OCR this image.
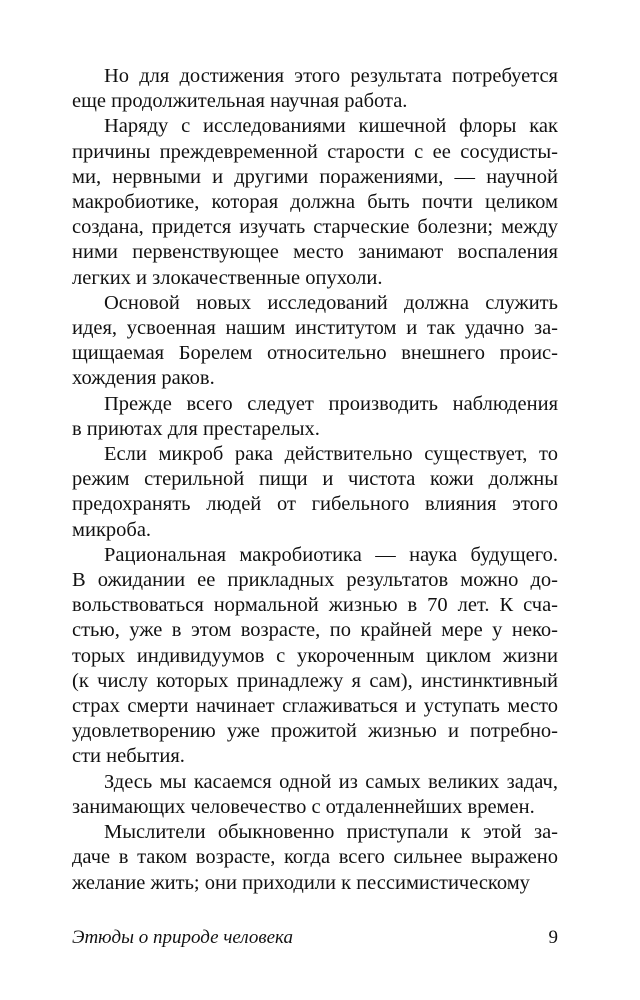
Но для достижения этого результата потребуется
еще продолжительная научная работа.

Наряду с исследованиями кишечной флоры как
причины преждевременной старости с ее сосудисты-
ми, нервными и другими поражениями, — научной
макробиотике, которая должна быть почти целиком
создана, придется изучать старческие болезни; между
ними первенствующее место занимают воспаления
легких и злокачественные опухоли.

Основой новых исследований должна служить
идея, усвоенная нашим институтом и так удачно за-
щищаемая Борелем относительно внешнего проис-
хождения раков.

Прежде всего следует производить наблюдения
в приютах для престарелых.

Если микроб рака действительно существует, то
режим стерильной пищи и чистота кожи должны
предохранять людей от гибельного влияния этого
микроба.

Рациональная макробиотика — наука будущего.
В ожидании ее прикладных результатов можно до-
вольствоваться нормальной жизнью в 70 лет. К сча-
стью, уже в этом возрасте, по крайней мере у неко-
торых индивидуумов с укороченным циклом жизни
(к числу которых принадлежу я сам), инстинктивный
страх смерти начинает сглаживаться и уступать место
удовлетворению уже прожитой жизнью и потребно-
сти небытия.

Здесь мы касаемся одной из самых великих задач,
занимающих человечество с отдаленнейших времен.

Мыслители обыкновенно приступали к этой за-
даче в таком возрасте, когда всего сильнее выражено
желание жить; они приходили к пессимистическому

Этюды о природе человека	9
